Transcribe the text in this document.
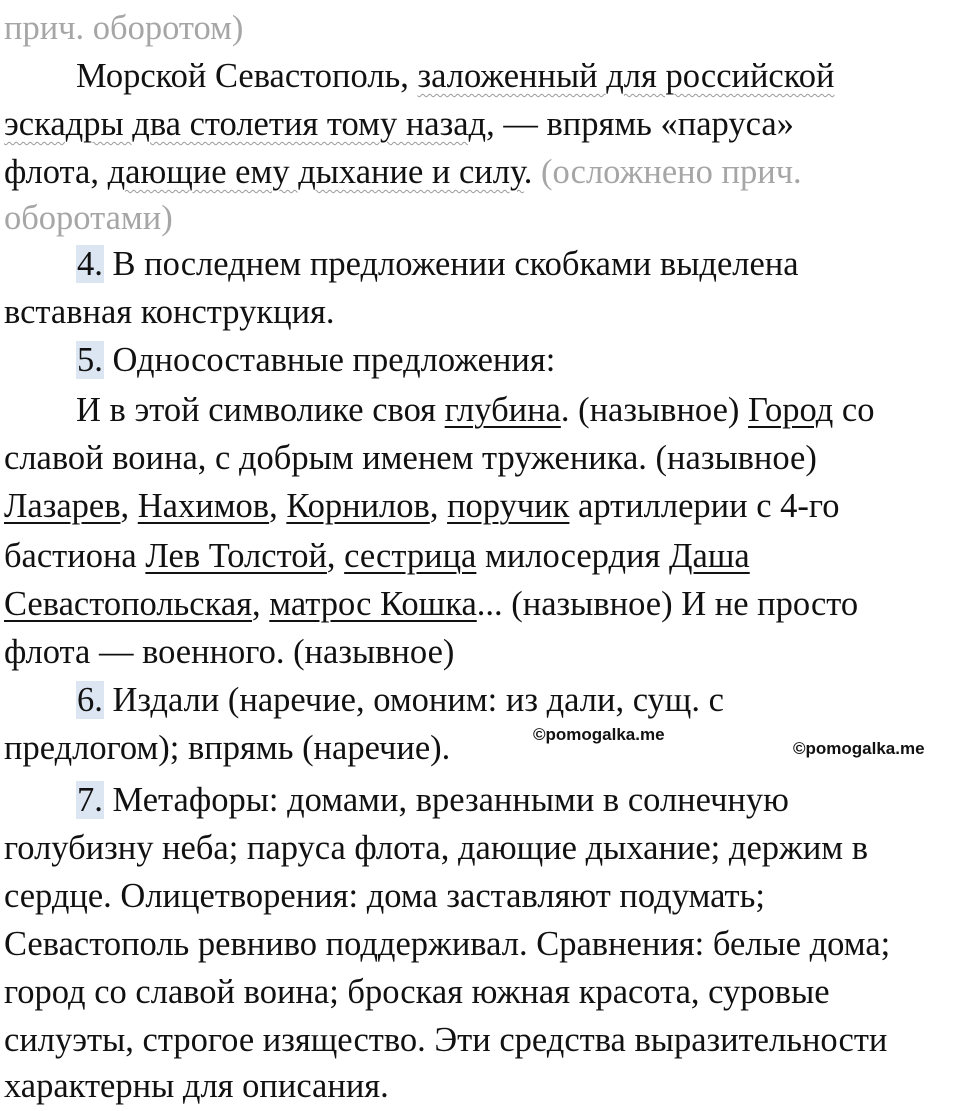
прич. оборотом)
Морской Севастополь, заложенный для российской
эскадры два столетия тому назад, — впрямь «паруса»
флота, дающие ему дыхание и силу. (осложнено прич.
оборотами)
4. В последнем предложении скобками выделена
вставная конструкция.
5. Односоставные предложения:
И в этой символике своя глубина. (назывное) Город со
славой воина, с добрым именем труженика. (назывное)
Лазарев, Нахимов, Корнилов, поручик артиллерии с 4-го
бастиона Лев Толстой, сестрица милосердия Даша
Севастопольская, матрос Кошка... (назывное) И не просто
флота — военного. (назывное)
6. Издали (наречие, омоним: из дали, сущ. с
предлогом); впрямь (наречие).	©pomogalka.me
©pomogalka.me
7. Метафоры: домами, врезанными в солнечную
голубизну неба; паруса флота, дающие дыхание; держим в
сердце. Олицетворения: дома заставляют подумать;
Севастополь ревниво поддерживал. Сравнения: белые дома;
город со славой воина; броская южная красота, суровые
силуэты, строгое изящество. Эти средства выразительности
характерны для описания.
